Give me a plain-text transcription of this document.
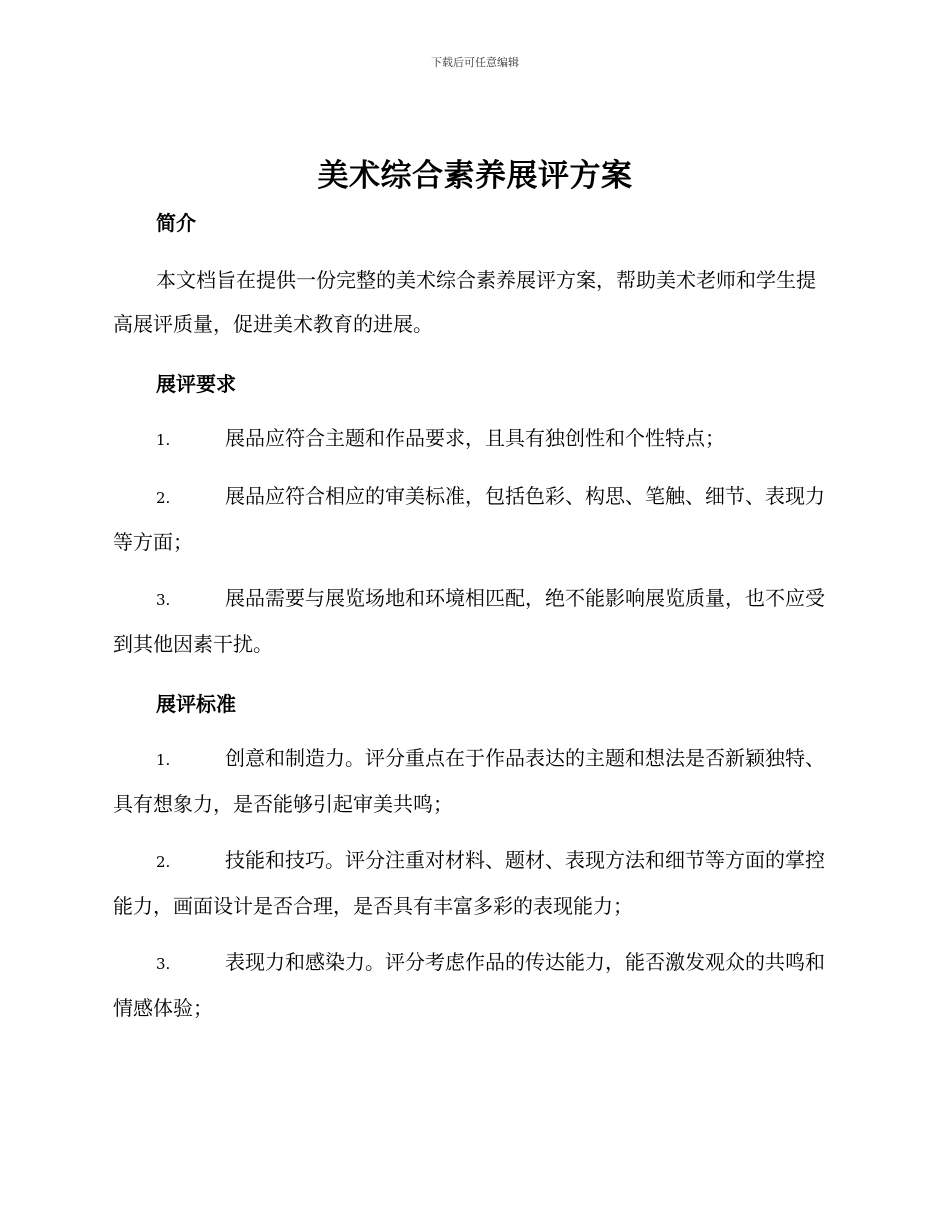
下载后可任意编辑
美术综合素养展评方案
简介
本文档旨在提供一份完整的美术综合素养展评方案，帮助美术老师和学生提高展评质量，促进美术教育的进展。
展评要求
1.	展品应符合主题和作品要求，且具有独创性和个性特点；
2.	展品应符合相应的审美标准，包括色彩、构思、笔触、细节、表现力等方面；
3.	展品需要与展览场地和环境相匹配，绝不能影响展览质量，也不应受到其他因素干扰。
展评标准
1.	创意和制造力。评分重点在于作品表达的主题和想法是否新颖独特、具有想象力，是否能够引起审美共鸣；
2.	技能和技巧。评分注重对材料、题材、表现方法和细节等方面的掌控能力，画面设计是否合理，是否具有丰富多彩的表现能力；
3.	表现力和感染力。评分考虑作品的传达能力，能否激发观众的共鸣和情感体验；
